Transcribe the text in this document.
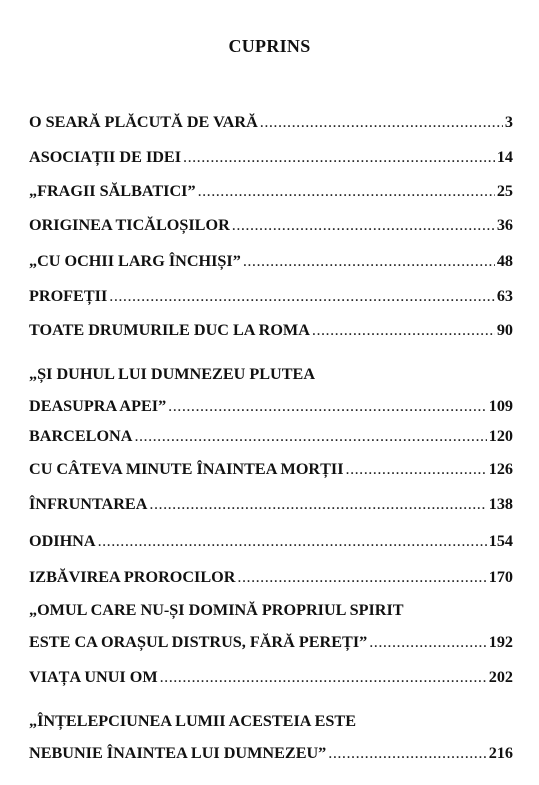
CUPRINS
O SEARĂ PLĂCUTĂ DE VARĂ .....	3
ASOCIAȚII DE IDEI .....	14
„FRAGII SĂLBATICI” .....	25
ORIGINEA TICĂLOȘILOR .....	36
„CU OCHII LARG ÎNCHIȘI” .....	48
PROFEȚII .....	63
TOATE DRUMURILE DUC LA ROMA .....	90
„ȘI DUHUL LUI DUMNEZEU PLUTEA
DEASUPRA APEI” .....	109
BARCELONA .....	120
CU CÂTEVA MINUTE ÎNAINTEA MORȚII .....	126
ÎNFRUNTAREA .....	138
ODIHNA .....	154
IZBĂVIREA PROROCILOR .....	170
„OMUL CARE NU-ȘI DOMINĂ PROPRIUL SPIRIT
ESTE CA ORAȘUL DISTRUS, FĂRĂ PEREȚI” .....	192
VIAȚA UNUI OM .....	202
„ÎNȚELEPCIUNEA LUMII ACESTEIA ESTE
NEBUNIE ÎNAINTEA LUI DUMNEZEU” .....	216
